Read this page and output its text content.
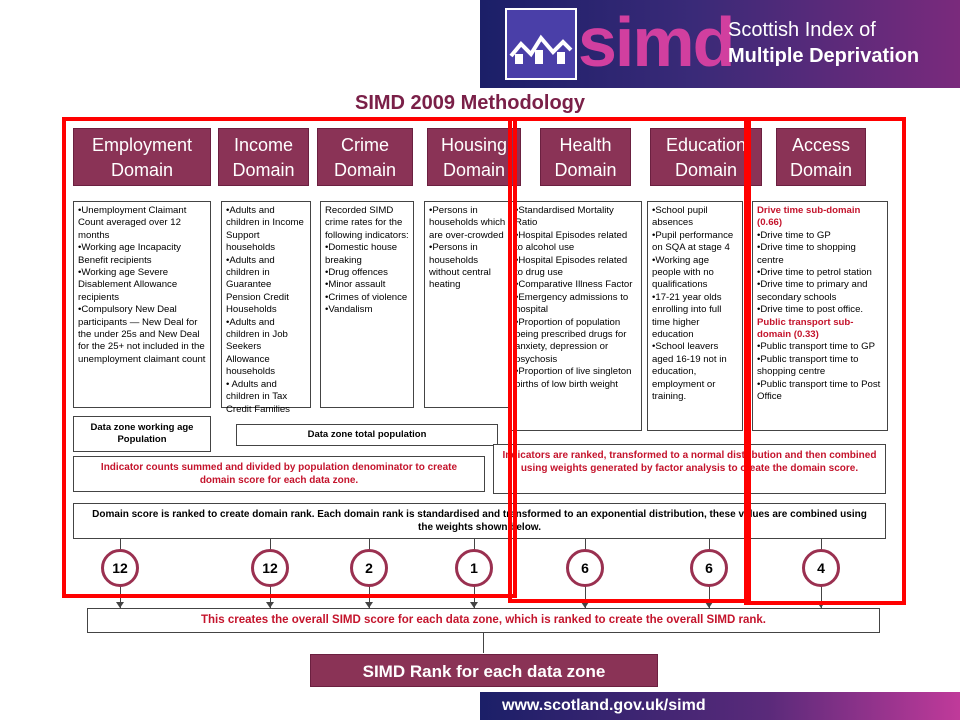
simd
Scottish Index of
Multiple Deprivation
SIMD 2009 Methodology
Employment
Domain
Income
Domain
Crime
Domain
Housing
Domain
Health
Domain
Education
Domain
Access
Domain
•Unemployment Claimant Count averaged over 12 months
•Working age Incapacity Benefit recipients
•Working age Severe Disablement Allowance recipients
•Compulsory New Deal participants — New Deal for the under 25s and New Deal for the 25+ not included in the unemployment claimant count
•Adults and children in Income Support households
•Adults and children in Guarantee Pension Credit Households
•Adults and children in Job Seekers Allowance households
• Adults and children in Tax Credit Families
Recorded SIMD crime rates for the following indicators:
•Domestic house breaking
•Drug offences
•Minor assault
•Crimes of violence
•Vandalism
•Persons in households which are over-crowded
•Persons in households without central heating
•Standardised Mortality Ratio
•Hospital Episodes related to alcohol use
•Hospital Episodes related to drug use
•Comparative Illness Factor
•Emergency admissions to hospital
•Proportion of population being prescribed drugs for anxiety, depression or psychosis
•Proportion of live singleton births of low birth weight
•School pupil absences
•Pupil performance on SQA at stage 4
•Working age people with no qualifications
•17-21 year olds enrolling into full time higher education
•School leavers aged 16-19 not in education, employment or training.
Drive time sub-domain (0.66)
•Drive time to GP
•Drive time to shopping centre
•Drive time to petrol station
•Drive time to primary and secondary schools
•Drive time to post office.
Public transport sub-domain (0.33)
•Public transport time to GP
•Public transport time to shopping centre
•Public transport time to Post Office
Data zone working age Population	Data zone total population
Indicator counts summed and divided by population denominator to create domain score for each data zone.
Indicators are ranked, transformed to a normal distribution and then combined using weights generated by factor analysis to create the domain score.
Domain score is ranked to create domain rank. Each domain rank is standardised and transformed to an exponential distribution, these values are combined using the weights shown below.
12	12	2	1	6	6	4
This creates the overall SIMD score for each data zone, which is ranked to create the overall SIMD rank.
SIMD Rank for each data zone
www.scotland.gov.uk/simd
